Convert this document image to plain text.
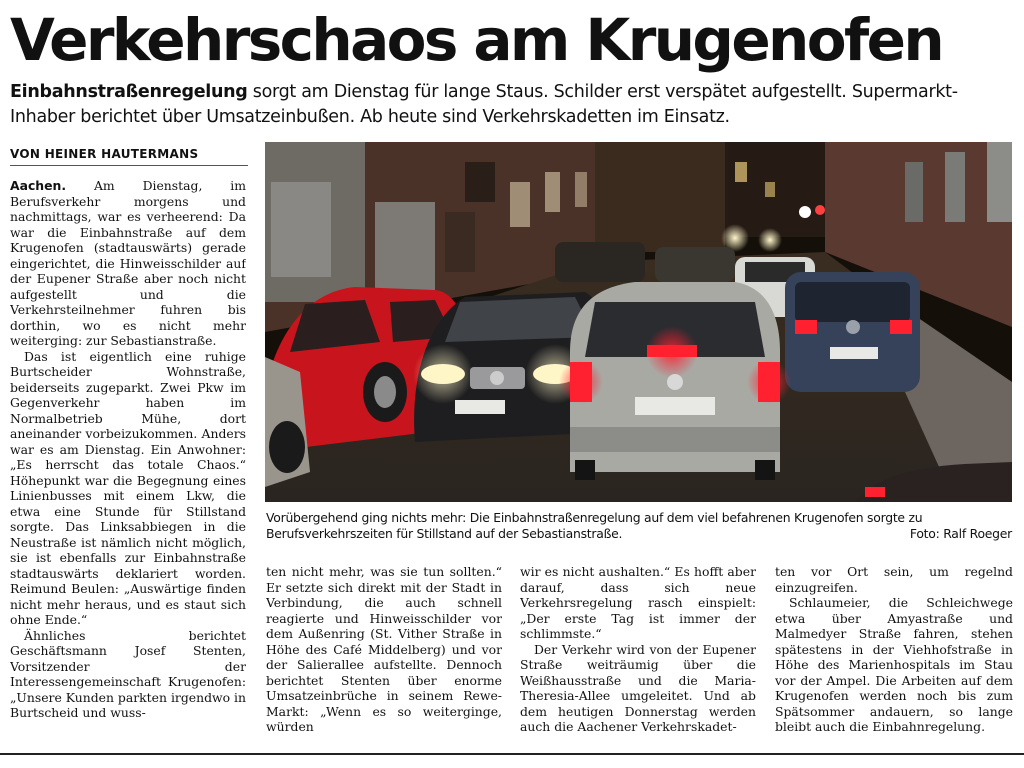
Verkehrschaos am Krugenofen
Einbahnstraßenregelung sorgt am Dienstag für lange Staus. Schilder erst verspätet aufgestellt. Supermarkt-Inhaber berichtet über Umsatzeinbußen. Ab heute sind Verkehrskadetten im Einsatz.
VON HEINER HAUTERMANS

Aachen. Am Dienstag, im Berufsverkehr morgens und nachmittags, war es verheerend: Da war die Einbahnstraße auf dem Krugenofen (stadtauswärts) gerade eingerichtet, die Hinweisschilder auf der Eupener Straße aber noch nicht aufgestellt und die Verkehrsteilnehmer fuhren bis dorthin, wo es nicht mehr weiterging: zur Sebastianstraße.

Das ist eigentlich eine ruhige Burtscheider Wohnstraße, beiderseits zugeparkt. Zwei Pkw im Gegenverkehr haben im Normalbetrieb Mühe, dort aneinander vorbeizukommen. Anders war es am Dienstag. Ein Anwohner: „Es herrscht das totale Chaos.“ Höhepunkt war die Begegnung eines Linienbusses mit einem Lkw, die etwa eine Stunde für Stillstand sorgte. Das Linksabbiegen in die Neustraße ist nämlich nicht möglich, sie ist ebenfalls zur Einbahnstraße stadtauswärts deklariert worden. Reimund Beulen: „Auswärtige finden nicht mehr heraus, und es staut sich ohne Ende.“

Ähnliches berichtet Geschäftsmann Josef Stenten, Vorsitzender der Interessengemeinschaft Krugenofen: „Unsere Kunden parkten irgendwo in Burtscheid und wuss-

Vorübergehend ging nichts mehr: Die Einbahnstraßenregelung auf dem viel befahrenen Krugenofen sorgte zu Berufsverkehrszeiten für Stillstand auf der Sebastianstraße.	Foto: Ralf Roeger

ten nicht mehr, was sie tun sollten.“ Er setzte sich direkt mit der Stadt in Verbindung, die auch schnell reagierte und Hinweisschilder vor dem Außenring (St. Vither Straße in Höhe des Café Middelberg) und vor der Salierallee aufstellte. Dennoch berichtet Stenten über enorme Umsatzeinbrüche in seinem Rewe-Markt: „Wenn es so weiterginge, würden

wir es nicht aushalten.“ Es hofft aber darauf, dass sich neue Verkehrsregelung rasch einspielt: „Der erste Tag ist immer der schlimmste.“

Der Verkehr wird von der Eupener Straße weiträumig über die Weißhausstraße und die Maria-Theresia-Allee umgeleitet. Und ab dem heutigen Donnerstag werden auch die Aachener Verkehrskadet-

ten vor Ort sein, um regelnd einzugreifen.

Schlaumeier, die Schleichwege etwa über Amyastraße und Malmedyer Straße fahren, stehen spätestens in der Viehhofstraße in Höhe des Marienhospitals im Stau vor der Ampel. Die Arbeiten auf dem Krugenofen werden noch bis zum Spätsommer andauern, so lange bleibt auch die Einbahnregelung.
